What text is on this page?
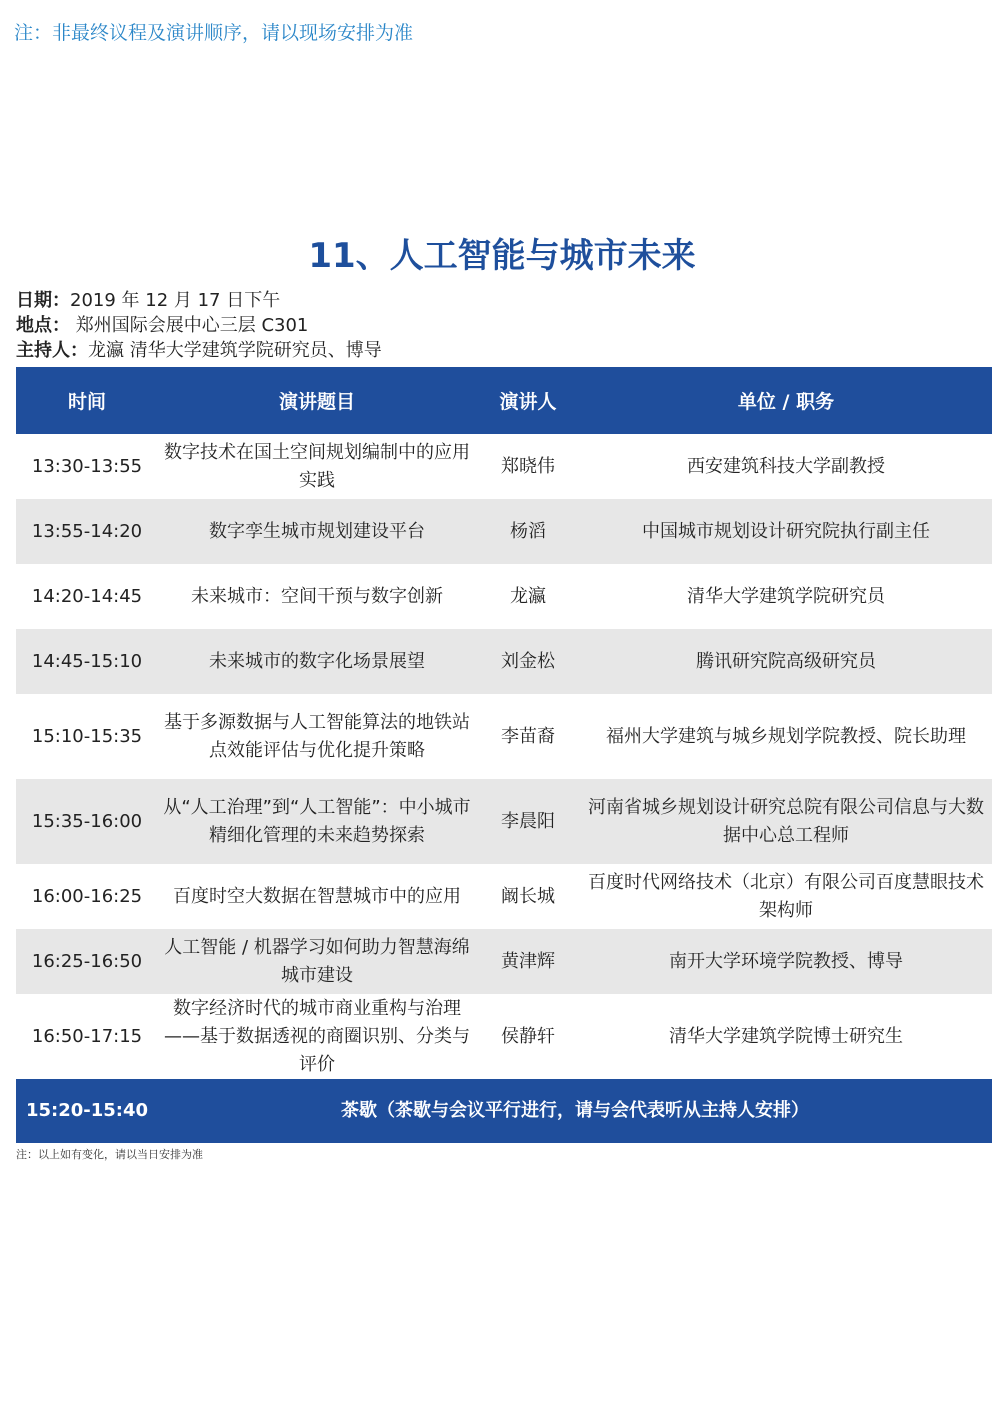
注：非最终议程及演讲顺序，请以现场安排为准
11、人工智能与城市未来
日期：2019 年 12 月 17 日下午
地点： 郑州国际会展中心三层 C301
主持人：龙瀛 清华大学建筑学院研究员、博导
时间	演讲题目	演讲人	单位 / 职务
13:30-13:55	数字技术在国土空间规划编制中的应用实践	郑晓伟	西安建筑科技大学副教授
13:55-14:20	数字孪生城市规划建设平台	杨滔	中国城市规划设计研究院执行副主任
14:20-14:45	未来城市：空间干预与数字创新	龙瀛	清华大学建筑学院研究员
14:45-15:10	未来城市的数字化场景展望	刘金松	腾讯研究院高级研究员
15:10-15:35	基于多源数据与人工智能算法的地铁站点效能评估与优化提升策略	李苗裔	福州大学建筑与城乡规划学院教授、院长助理
15:35-16:00	从“人工治理”到“人工智能”：中小城市精细化管理的未来趋势探索	李晨阳	河南省城乡规划设计研究总院有限公司信息与大数据中心总工程师
16:00-16:25	百度时空大数据在智慧城市中的应用	阚长城	百度时代网络技术（北京）有限公司百度慧眼技术架构师
16:25-16:50	人工智能 / 机器学习如何助力智慧海绵城市建设	黄津辉	南开大学环境学院教授、博导
16:50-17:15	数字经济时代的城市商业重构与治理——基于数据透视的商圈识别、分类与评价	侯静轩	清华大学建筑学院博士研究生
15:20-15:40	茶歇（茶歇与会议平行进行，请与会代表听从主持人安排）		
注：以上如有变化，请以当日安排为准
